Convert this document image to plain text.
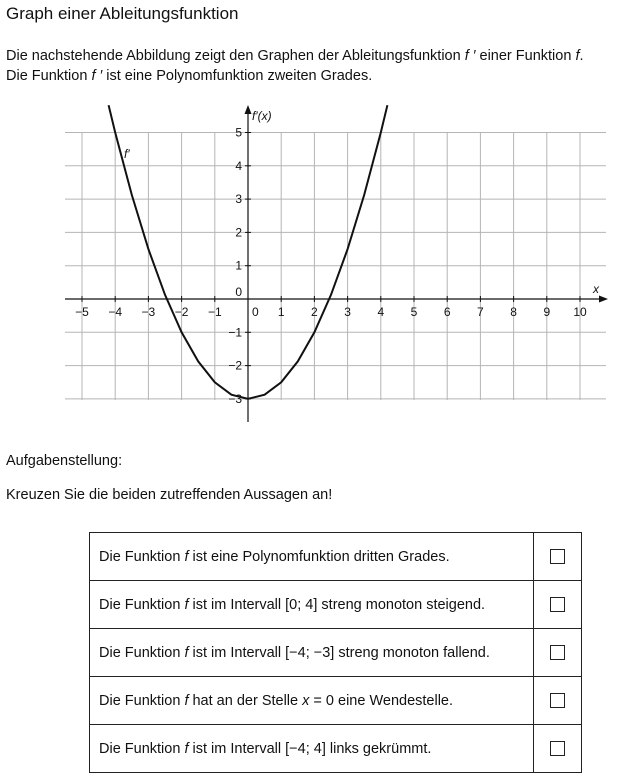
Graph einer Ableitungsfunktion

Die nachstehende Abbildung zeigt den Graphen der Ableitungsfunktion f ′ einer Funktion f.

Die Funktion f ′ ist eine Polynomfunktion zweiten Grades.

−5 −4 −3 −2 −1	1 2 3 4 5 6 7 8 9 10
0
−3
−2
−1
0
1
2
3
4
5
x
f′(x)
f′
Aufgabenstellung:
Kreuzen Sie die beiden zutreffenden Aussagen an!
Die Funktion f ist eine Polynomfunktion dritten Grades.	
Die Funktion f ist im Intervall [0; 4] streng monoton steigend.	
Die Funktion f ist im Intervall [−4; −3] streng monoton fallend.	
Die Funktion f hat an der Stelle x = 0 eine Wendestelle.	
Die Funktion f ist im Intervall [−4; 4] links gekrümmt.	
